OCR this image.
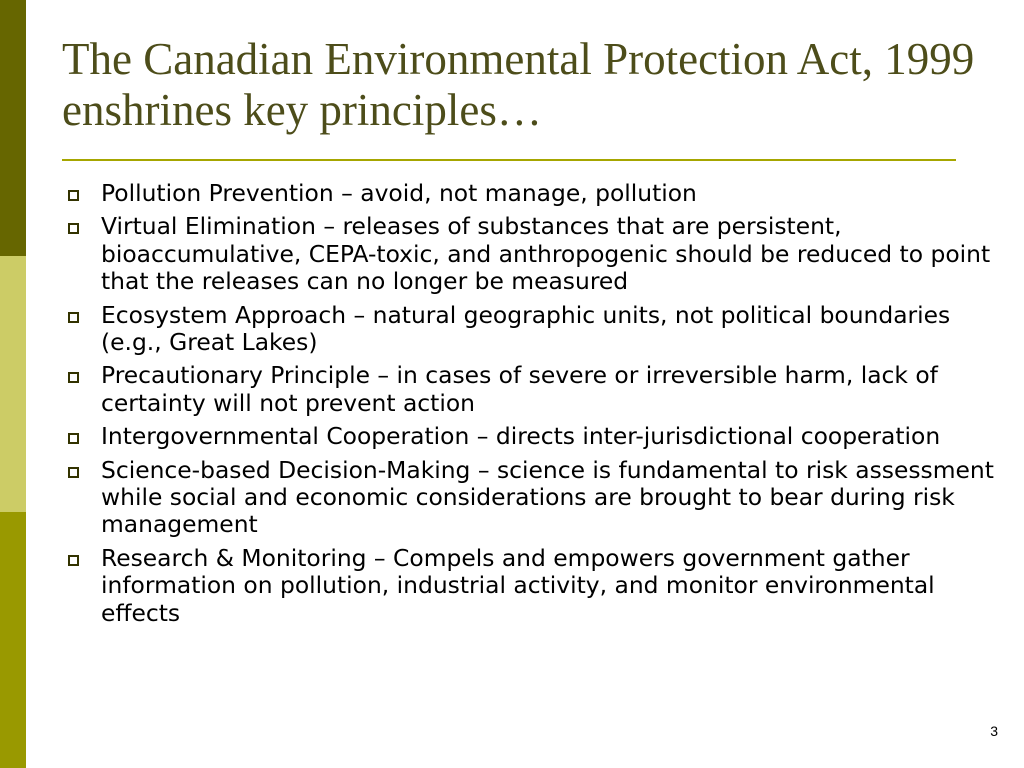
The Canadian Environmental Protection Act, 1999 enshrines key principles…
Pollution Prevention – avoid, not manage, pollution
Virtual Elimination – releases of substances that are persistent, bioaccumulative, CEPA-toxic, and anthropogenic should be reduced to point that the releases can no longer be measured
Ecosystem Approach – natural geographic units, not political boundaries (e.g., Great Lakes)
Precautionary Principle – in cases of severe or irreversible harm, lack of certainty will not prevent action
Intergovernmental Cooperation – directs inter-jurisdictional cooperation
Science-based Decision-Making – science is fundamental to risk assessment while social and economic considerations are brought to bear during risk management
Research & Monitoring – Compels and empowers government gather information on pollution, industrial activity, and monitor environmental effects
3
